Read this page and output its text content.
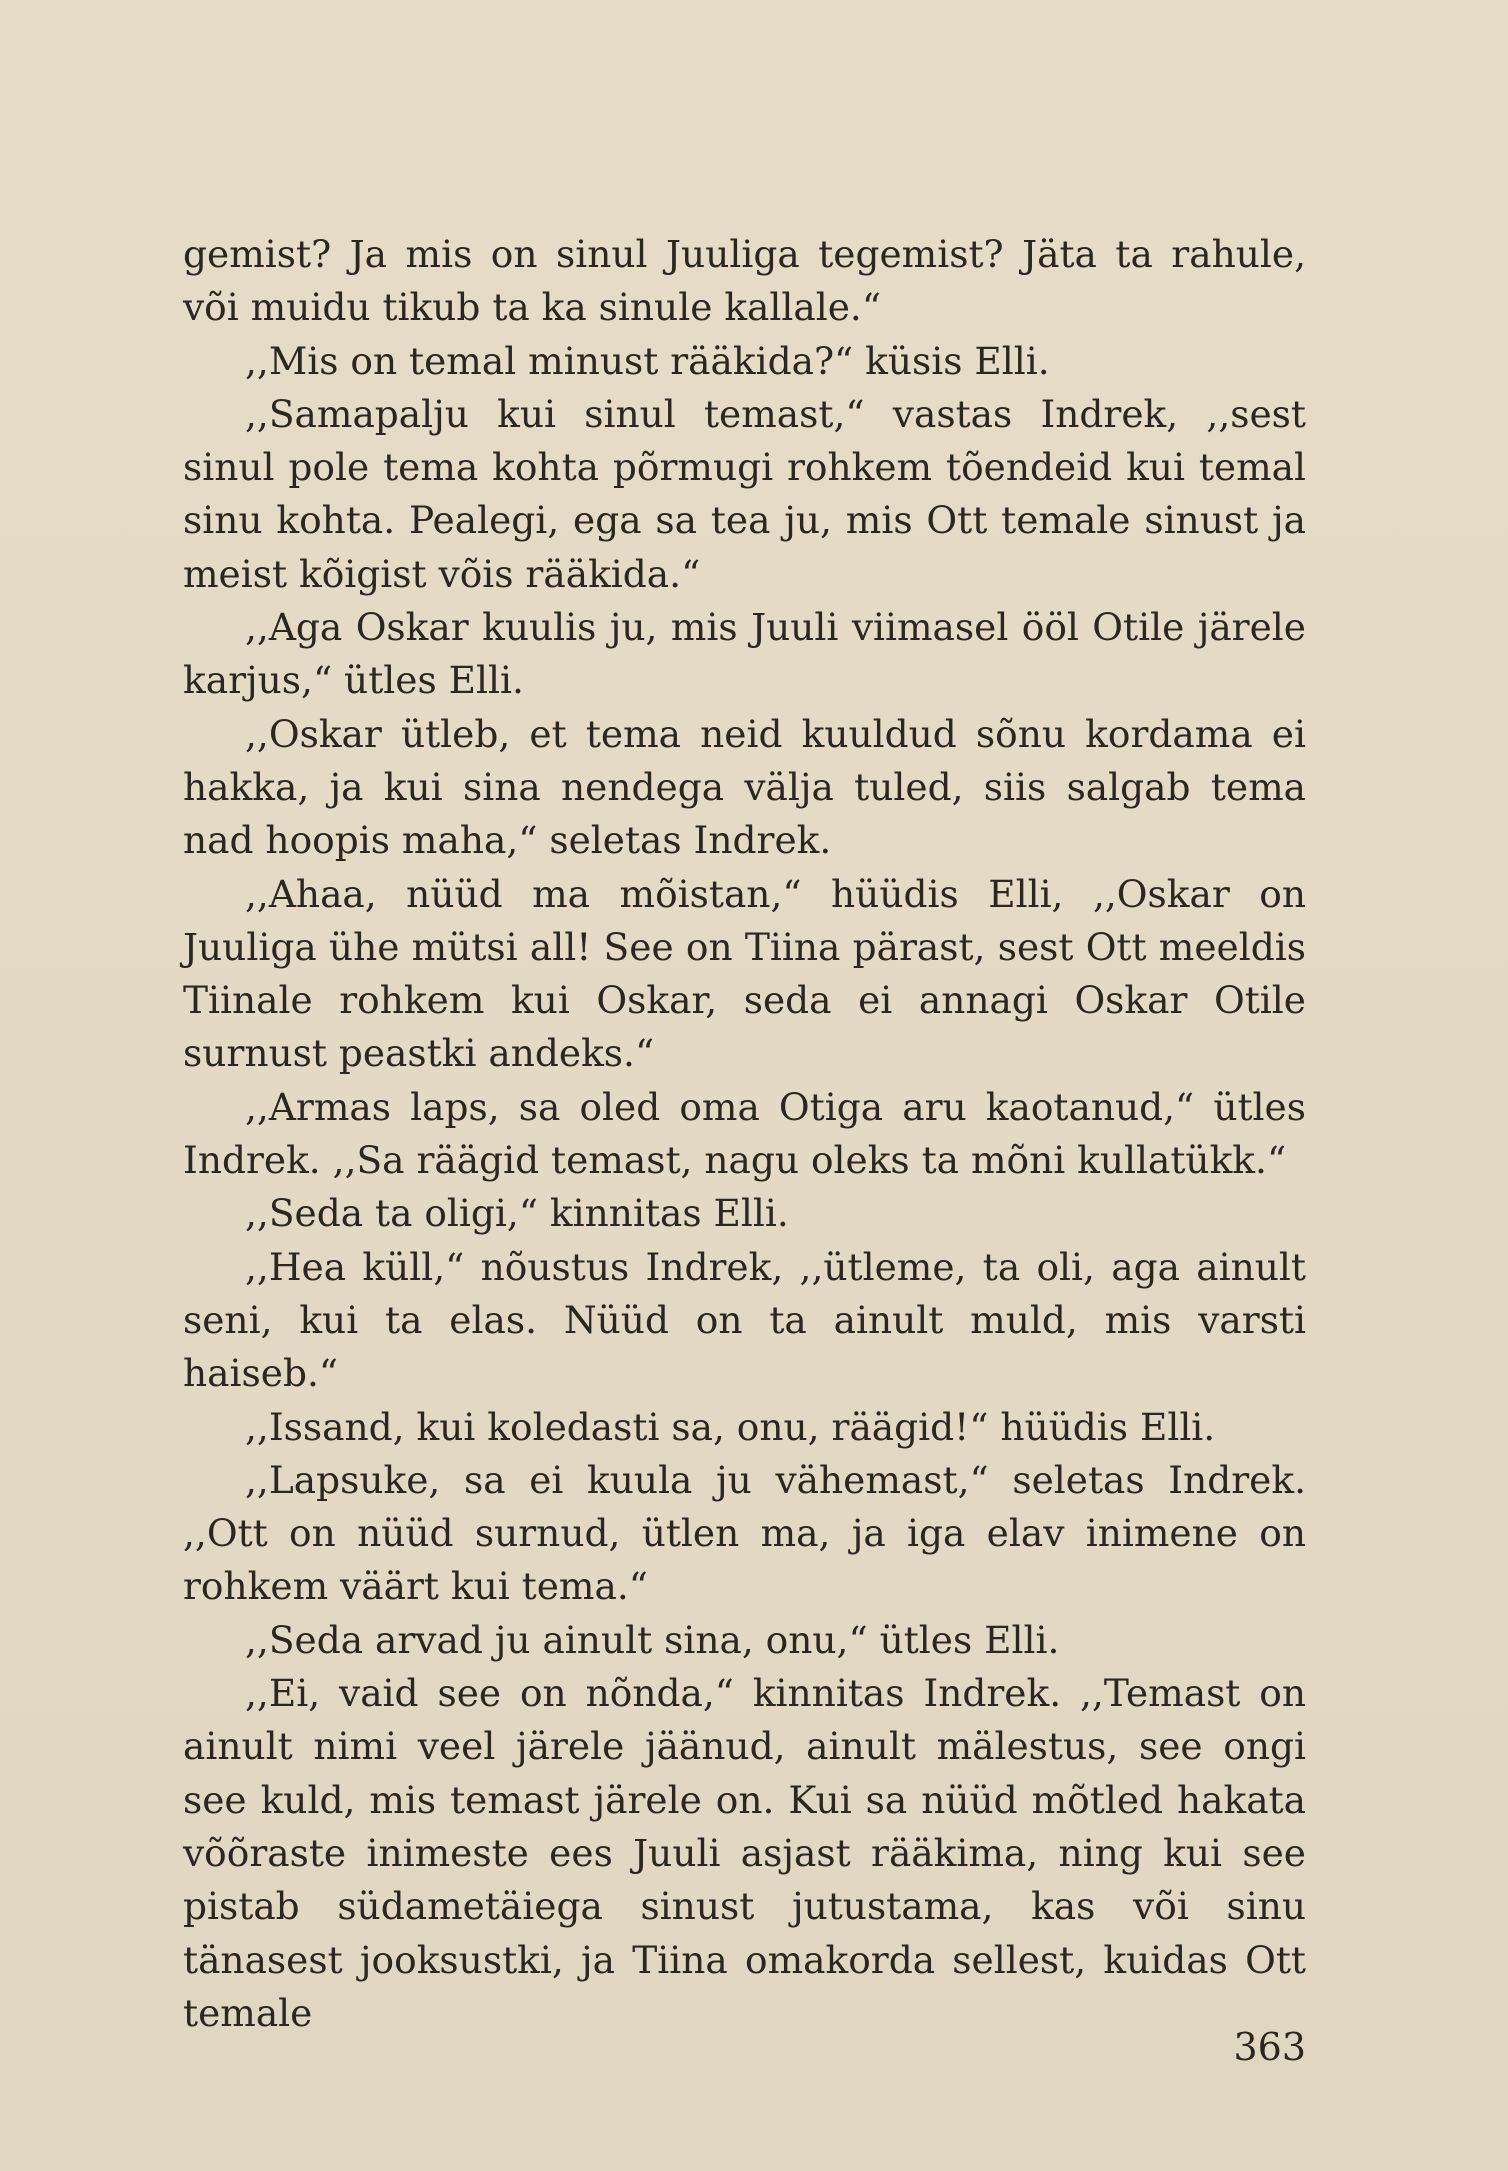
gemist? Ja mis on sinul Juuliga tegemist? Jäta ta rahule, või muidu tikub ta ka sinule kallale.“

,,Mis on temal minust rääkida?“ küsis Elli.

,,Samapalju kui sinul temast,“ vastas Indrek, ,,sest sinul pole tema kohta põrmugi rohkem tõendeid kui temal sinu kohta. Pealegi, ega sa tea ju, mis Ott temale sinust ja meist kõigist võis rääkida.“

,,Aga Oskar kuulis ju, mis Juuli viimasel ööl Otile järele karjus,“ ütles Elli.

,,Oskar ütleb, et tema neid kuuldud sõnu kordama ei hakka, ja kui sina nendega välja tuled, siis salgab tema nad hoopis maha,“ seletas Indrek.

,,Ahaa, nüüd ma mõistan,“ hüüdis Elli, ,,Oskar on Juuliga ühe mütsi all! See on Tiina pärast, sest Ott meeldis Tiinale rohkem kui Oskar, seda ei annagi Oskar Otile surnust peastki andeks.“

,,Armas laps, sa oled oma Otiga aru kaotanud,“ ütles Indrek. ,,Sa räägid temast, nagu oleks ta mõni kullatükk.“

,,Seda ta oligi,“ kinnitas Elli.

,,Hea küll,“ nõustus Indrek, ,,ütleme, ta oli, aga ainult seni, kui ta elas. Nüüd on ta ainult muld, mis varsti haiseb.“

,,Issand, kui koledasti sa, onu, räägid!“ hüüdis Elli.

,,Lapsuke, sa ei kuula ju vähemast,“ seletas Indrek. ,,Ott on nüüd surnud, ütlen ma, ja iga elav inimene on rohkem väärt kui tema.“

,,Seda arvad ju ainult sina, onu,“ ütles Elli.

,,Ei, vaid see on nõnda,“ kinnitas Indrek. ,,Temast on ainult nimi veel järele jäänud, ainult mälestus, see ongi see kuld, mis temast järele on. Kui sa nüüd mõtled hakata võõraste inimeste ees Juuli asjast rääkima, ning kui see pistab südametäiega sinust jutustama, kas või sinu tänasest jooksustki, ja Tiina omakorda sellest, kuidas Ott temale

363
